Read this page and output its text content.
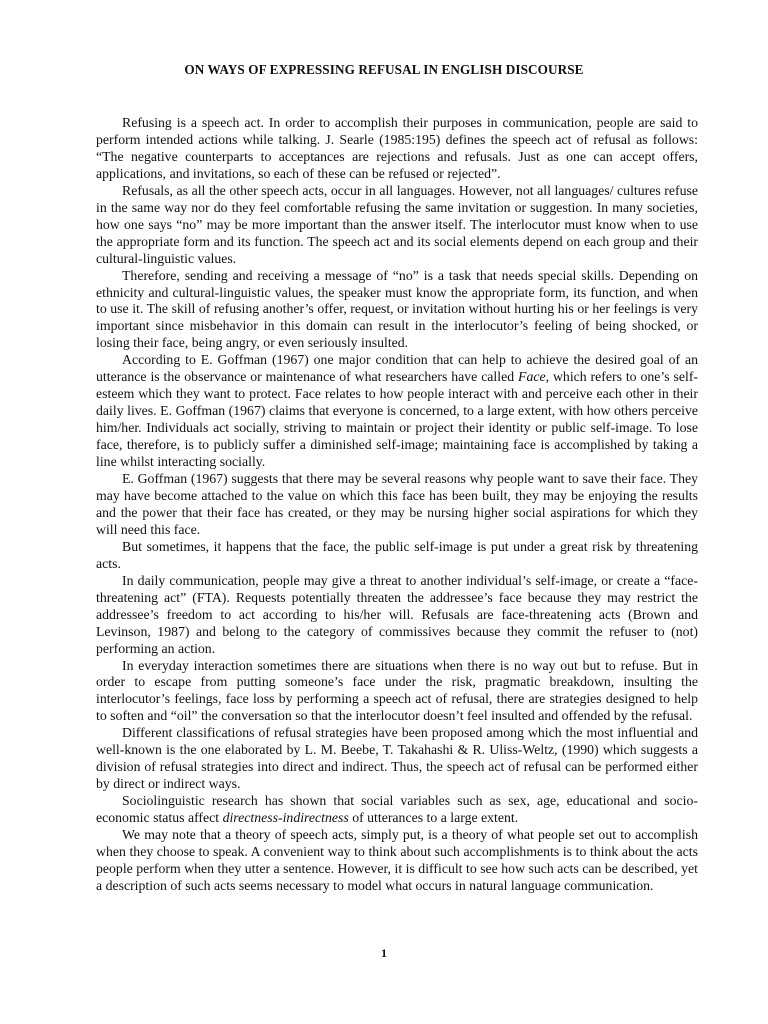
ON WAYS OF EXPRESSING REFUSAL IN ENGLISH DISCOURSE

Refusing is a speech act. In order to accomplish their purposes in communication, people are said to perform intended actions while talking. J. Searle (1985:195) defines the speech act of refusal as follows: “The negative counterparts to acceptances are rejections and refusals. Just as one can accept offers, applications, and invitations, so each of these can be refused or rejected”.

Refusals, as all the other speech acts, occur in all languages. However, not all languages/ cultures refuse in the same way nor do they feel comfortable refusing the same invitation or suggestion. In many societies, how one says “no” may be more important than the answer itself. The interlocutor must know when to use the appropriate form and its function. The speech act and its social elements depend on each group and their cultural-linguistic values.

Therefore, sending and receiving a message of “no” is a task that needs special skills. Depending on ethnicity and cultural-linguistic values, the speaker must know the appropriate form, its function, and when to use it. The skill of refusing another’s offer, request, or invitation without hurting his or her feelings is very important since misbehavior in this domain can result in the interlocutor’s feeling of being shocked, or losing their face, being angry, or even seriously insulted.

According to E. Goffman (1967) one major condition that can help to achieve the desired goal of an utterance is the observance or maintenance of what researchers have called Face, which refers to one’s self-esteem which they want to protect. Face relates to how people interact with and perceive each other in their daily lives. E. Goffman (1967) claims that everyone is concerned, to a large extent, with how others perceive him/her. Individuals act socially, striving to maintain or project their identity or public self-image. To lose face, therefore, is to publicly suffer a diminished self-image; maintaining face is accomplished by taking a line whilst interacting socially.

E. Goffman (1967) suggests that there may be several reasons why people want to save their face. They may have become attached to the value on which this face has been built, they may be enjoying the results and the power that their face has created, or they may be nursing higher social aspirations for which they will need this face.

But sometimes, it happens that the face, the public self-image is put under a great risk by threatening acts.

In daily communication, people may give a threat to another individual’s self-image, or create a “face-threatening act” (FTA). Requests potentially threaten the addressee’s face because they may restrict the addressee’s freedom to act according to his/her will. Refusals are face-threatening acts (Brown and Levinson, 1987) and belong to the category of commissives because they commit the refuser to (not) performing an action.

In everyday interaction sometimes there are situations when there is no way out but to refuse. But in order to escape from putting someone’s face under the risk, pragmatic breakdown, insulting the interlocutor’s feelings, face loss by performing a speech act of refusal, there are strategies designed to help to soften and “oil” the conversation so that the interlocutor doesn’t feel insulted and offended by the refusal.

Different classifications of refusal strategies have been proposed among which the most influential and well-known is the one elaborated by L. M. Beebe, T. Takahashi & R. Uliss-Weltz, (1990) which suggests a division of refusal strategies into direct and indirect. Thus, the speech act of refusal can be performed either by direct or indirect ways.

Sociolinguistic research has shown that social variables such as sex, age, educational and socio-economic status affect directness-indirectness of utterances to a large extent.

We may note that a theory of speech acts, simply put, is a theory of what people set out to accomplish when they choose to speak. A convenient way to think about such accomplishments is to think about the acts people perform when they utter a sentence. However, it is difficult to see how such acts can be described, yet a description of such acts seems necessary to model what occurs in natural language communication.

1
